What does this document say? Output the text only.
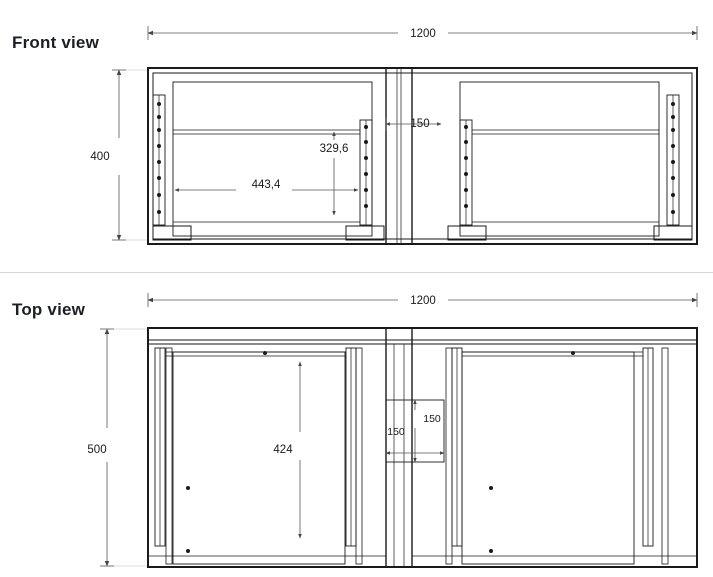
Front view
Top view
1200
400
150
329,6
443,4
1200
500	424
150
150
